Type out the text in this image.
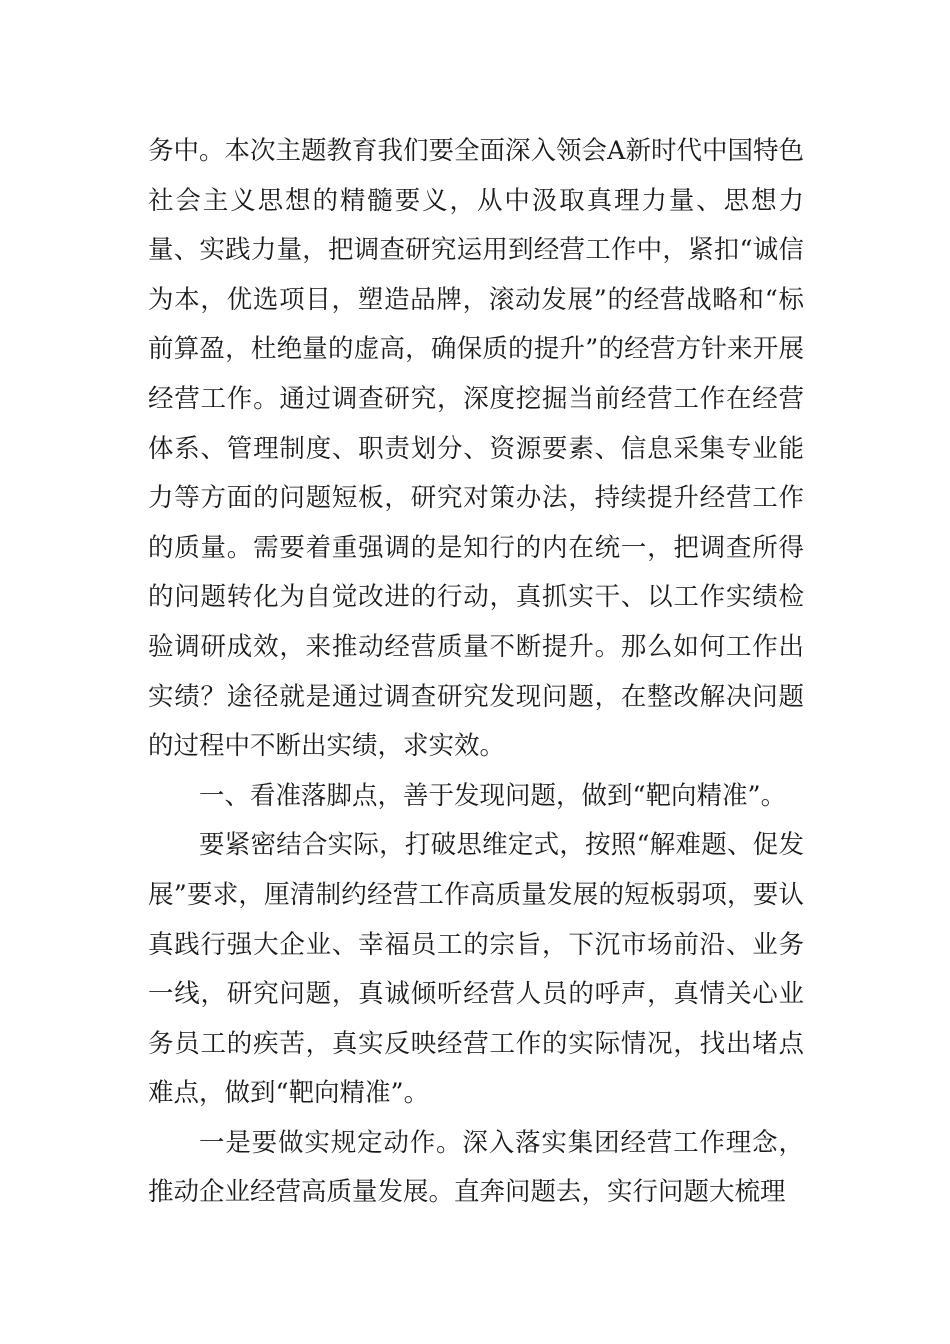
务中。本次主题教育我们要全面深入领会A新时代中国特色社会主义思想的精髓要义，从中汲取真理力量、思想力量、实践力量，把调查研究运用到经营工作中，紧扣“诚信为本，优选项目，塑造品牌，滚动发展”的经营战略和“标前算盈，杜绝量的虚高，确保质的提升”的经营方针来开展经营工作。通过调查研究，深度挖掘当前经营工作在经营体系、管理制度、职责划分、资源要素、信息采集专业能力等方面的问题短板，研究对策办法，持续提升经营工作的质量。需要着重强调的是知行的内在统一，把调查所得的问题转化为自觉改进的行动，真抓实干、以工作实绩检验调研成效，来推动经营质量不断提升。那么如何工作出实绩？途径就是通过调查研究发现问题，在整改解决问题的过程中不断出实绩，求实效。

一、看准落脚点，善于发现问题，做到“靶向精准”。

要紧密结合实际，打破思维定式，按照“解难题、促发展”要求，厘清制约经营工作高质量发展的短板弱项，要认真践行强大企业、幸福员工的宗旨，下沉市场前沿、业务一线，研究问题，真诚倾听经营人员的呼声，真情关心业务员工的疾苦，真实反映经营工作的实际情况，找出堵点难点，做到“靶向精准”。

一是要做实规定动作。深入落实集团经营工作理念，推动企业经营高质量发展。直奔问题去，实行问题大梳理
